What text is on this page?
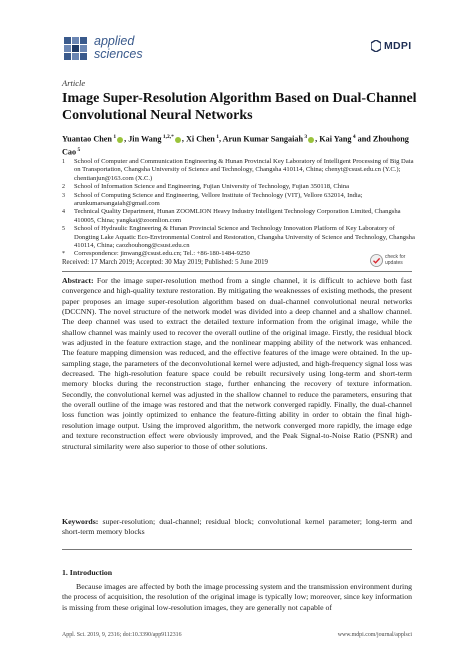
applied
sciences
MDPI
Article
Image Super-Resolution Algorithm Based on Dual-Channel Convolutional Neural Networks
Yuantao Chen $^1$ , Jin Wang $^{1,2,*}$ , Xi Chen $^1$, Arun Kumar Sangaiah $^3$ , Kai Yang $^4$ and Zhouhong Cao $^5$
1	School of Computer and Communication Engineering & Hunan Provincial Key Laboratory of Intelligent Processing of Big Data on Transportation, Changsha University of Science and Technology, Changsha 410114, China; chenyt@csust.edu.cn (Y.C.); chentianjun@163.com (X.C.)
2	School of Information Science and Engineering, Fujian University of Technology, Fujian 350118, China
3	School of Computing Science and Engineering, Vellore Institute of Technology (VIT), Vellore 632014, India; arunkumarsangaiah@gmail.com
4	Technical Quality Department, Hunan ZOOMLION Heavy Industry Intelligent Technology Corporation Limited, Changsha 410005, China; yangkai@zoomlion.com
5	School of Hydraulic Engineering & Hunan Provincial Science and Technology Innovation Platform of Key Laboratory of Dongting Lake Aquatic Eco-Environmental Control and Restoration, Changsha University of Science and Technology, Changsha 410114, China; caozhouhong@csust.edu.cn
*	Correspondence: jinwang@csust.edu.cn; Tel.: +86-180-1484-9250
Received: 17 March 2019; Accepted: 30 May 2019; Published: 5 June 2019
check for
updates

Abstract: For the image super-resolution method from a single channel, it is difficult to achieve both fast convergence and high-quality texture restoration. By mitigating the weaknesses of existing methods, the present paper proposes an image super-resolution algorithm based on dual-channel convolutional neural networks (DCCNN). The novel structure of the network model was divided into a deep channel and a shallow channel. The deep channel was used to extract the detailed texture information from the original image, while the shallow channel was mainly used to recover the overall outline of the original image. Firstly, the residual block was adjusted in the feature extraction stage, and the nonlinear mapping ability of the network was enhanced. The feature mapping dimension was reduced, and the effective features of the image were obtained. In the up-sampling stage, the parameters of the deconvolutional kernel were adjusted, and high-frequency signal loss was decreased. The high-resolution feature space could be rebuilt recursively using long-term and short-term memory blocks during the reconstruction stage, further enhancing the recovery of texture information. Secondly, the convolutional kernel was adjusted in the shallow channel to reduce the parameters, ensuring that the overall outline of the image was restored and that the network converged rapidly. Finally, the dual-channel loss function was jointly optimized to enhance the feature-fitting ability in order to obtain the final high-resolution image output. Using the improved algorithm, the network converged more rapidly, the image edge and texture reconstruction effect were obviously improved, and the Peak Signal-to-Noise Ratio (PSNR) and structural similarity were also superior to those of other solutions.

Keywords: super-resolution; dual-channel; residual block; convolutional kernel parameter; long-term and short-term memory blocks

1. Introduction

Because images are affected by both the image processing system and the transmission environment during the process of acquisition, the resolution of the original image is typically low; moreover, since key information is missing from these original low-resolution images, they are generally not capable of

Appl. Sci. 2019, 9, 2316; doi:10.3390/app9112316	www.mdpi.com/journal/applsci
